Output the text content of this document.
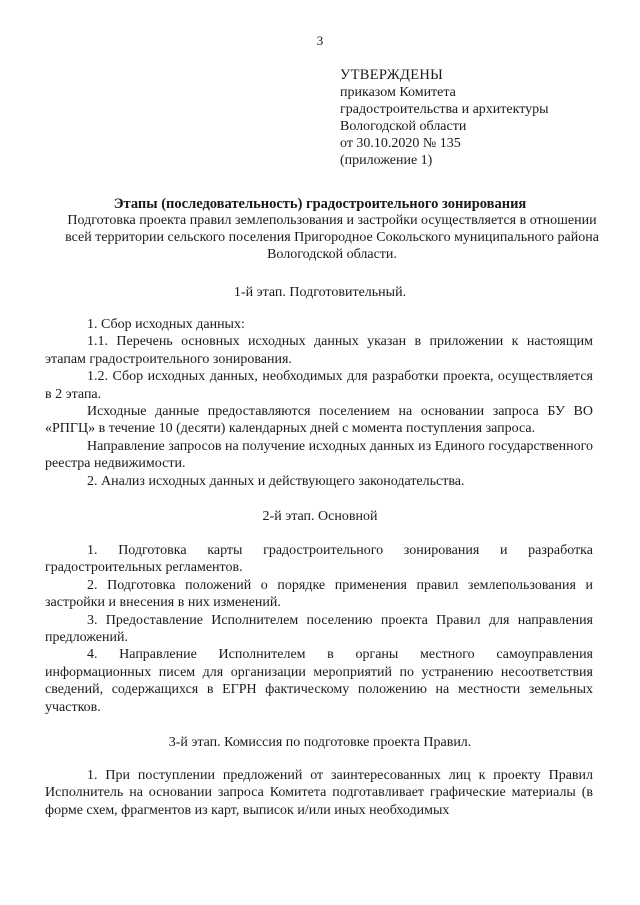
3
УТВЕРЖДЕНЫ
приказом Комитета
градостроительства и архитектуры
Вологодской области
от 30.10.2020 № 135
(приложение 1)
Этапы (последовательность) градостроительного зонирования
Подготовка проекта правил землепользования и застройки осуществляется в отношении всей территории сельского поселения Пригородное Сокольского муниципального района Вологодской области.
1-й этап. Подготовительный.

1. Сбор исходных данных:

1.1. Перечень основных исходных данных указан в приложении к настоящим этапам градостроительного зонирования.

1.2. Сбор исходных данных, необходимых для разработки проекта, осуществляется в 2 этапа.

Исходные данные предоставляются поселением на основании запроса БУ ВО «РПГЦ» в течение 10 (десяти) календарных дней с момента поступления запроса.

Направление запросов на получение исходных данных из Единого государственного реестра недвижимости.

2. Анализ исходных данных и действующего законодательства.

2-й этап. Основной

1. Подготовка карты градостроительного зонирования и разработка градостроительных регламентов.

2. Подготовка положений о порядке применения правил землепользования и застройки и внесения в них изменений.

3. Предоставление Исполнителем поселению проекта Правил для направления предложений.

4. Направление Исполнителем в органы местного самоуправления информационных писем для организации мероприятий по устранению несоответствия сведений, содержащихся в ЕГРН фактическому положению на местности земельных участков.

3-й этап. Комиссия по подготовке проекта Правил.

1. При поступлении предложений от заинтересованных лиц к проекту Правил Исполнитель на основании запроса Комитета подготавливает графические материалы (в форме схем, фрагментов из карт, выписок и/или иных необходимых
